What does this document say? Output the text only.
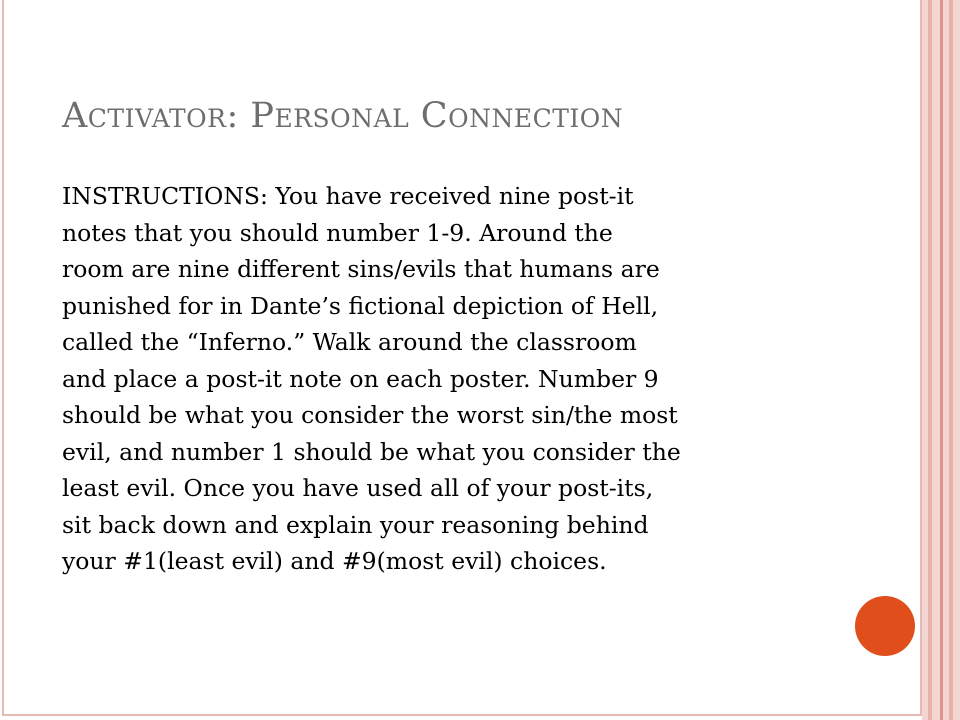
Activator: Personal Connection

INSTRUCTIONS: You have received nine post-it
notes that you should number 1-9. Around the
room are nine different sins/evils that humans are
punished for in Dante’s fictional depiction of Hell,
called the “Inferno.” Walk around the classroom
and place a post-it note on each poster. Number 9
should be what you consider the worst sin/the most
evil, and number 1 should be what you consider the
least evil. Once you have used all of your post-its,
sit back down and explain your reasoning behind
your #1(least evil) and #9(most evil) choices.
